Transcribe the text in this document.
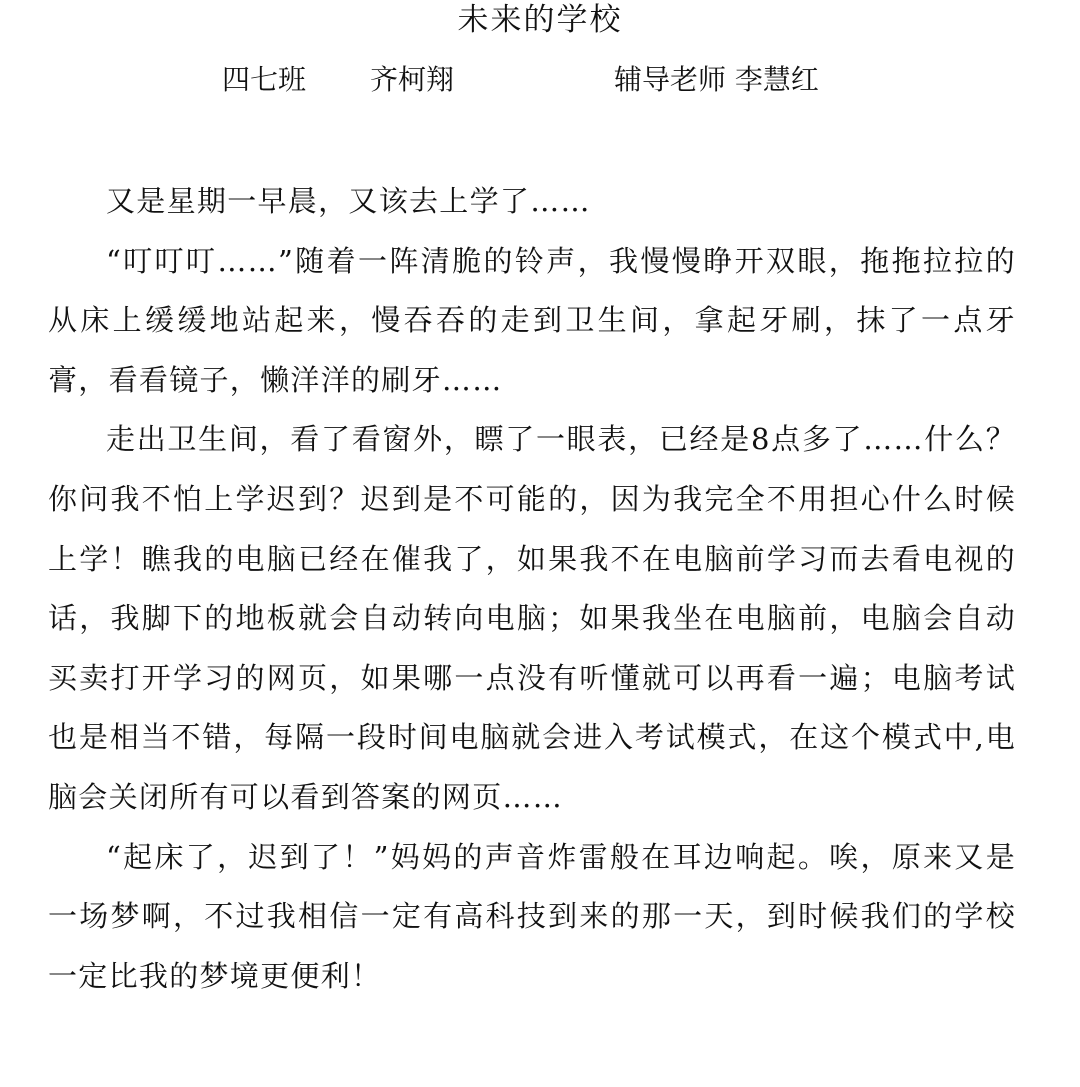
未来的学校
四七班 齐柯翔	辅导老师 李慧红

又是星期一早晨，又该去上学了……

“叮叮叮……”随着一阵清脆的铃声，我慢慢睁开双眼，拖拖拉拉的从床上缓缓地站起来，慢吞吞的走到卫生间，拿起牙刷，抹了一点牙膏，看看镜子，懒洋洋的刷牙……

走出卫生间，看了看窗外，瞟了一眼表，已经是8点多了……什么？你问我不怕上学迟到？迟到是不可能的，因为我完全不用担心什么时候上学！瞧我的电脑已经在催我了，如果我不在电脑前学习而去看电视的话，我脚下的地板就会自动转向电脑；如果我坐在电脑前，电脑会自动买卖打开学习的网页，如果哪一点没有听懂就可以再看一遍；电脑考试也是相当不错，每隔一段时间电脑就会进入考试模式，在这个模式中,电脑会关闭所有可以看到答案的网页……

“起床了，迟到了！”妈妈的声音炸雷般在耳边响起。唉，原来又是一场梦啊，不过我相信一定有高科技到来的那一天，到时候我们的学校一定比我的梦境更便利！
